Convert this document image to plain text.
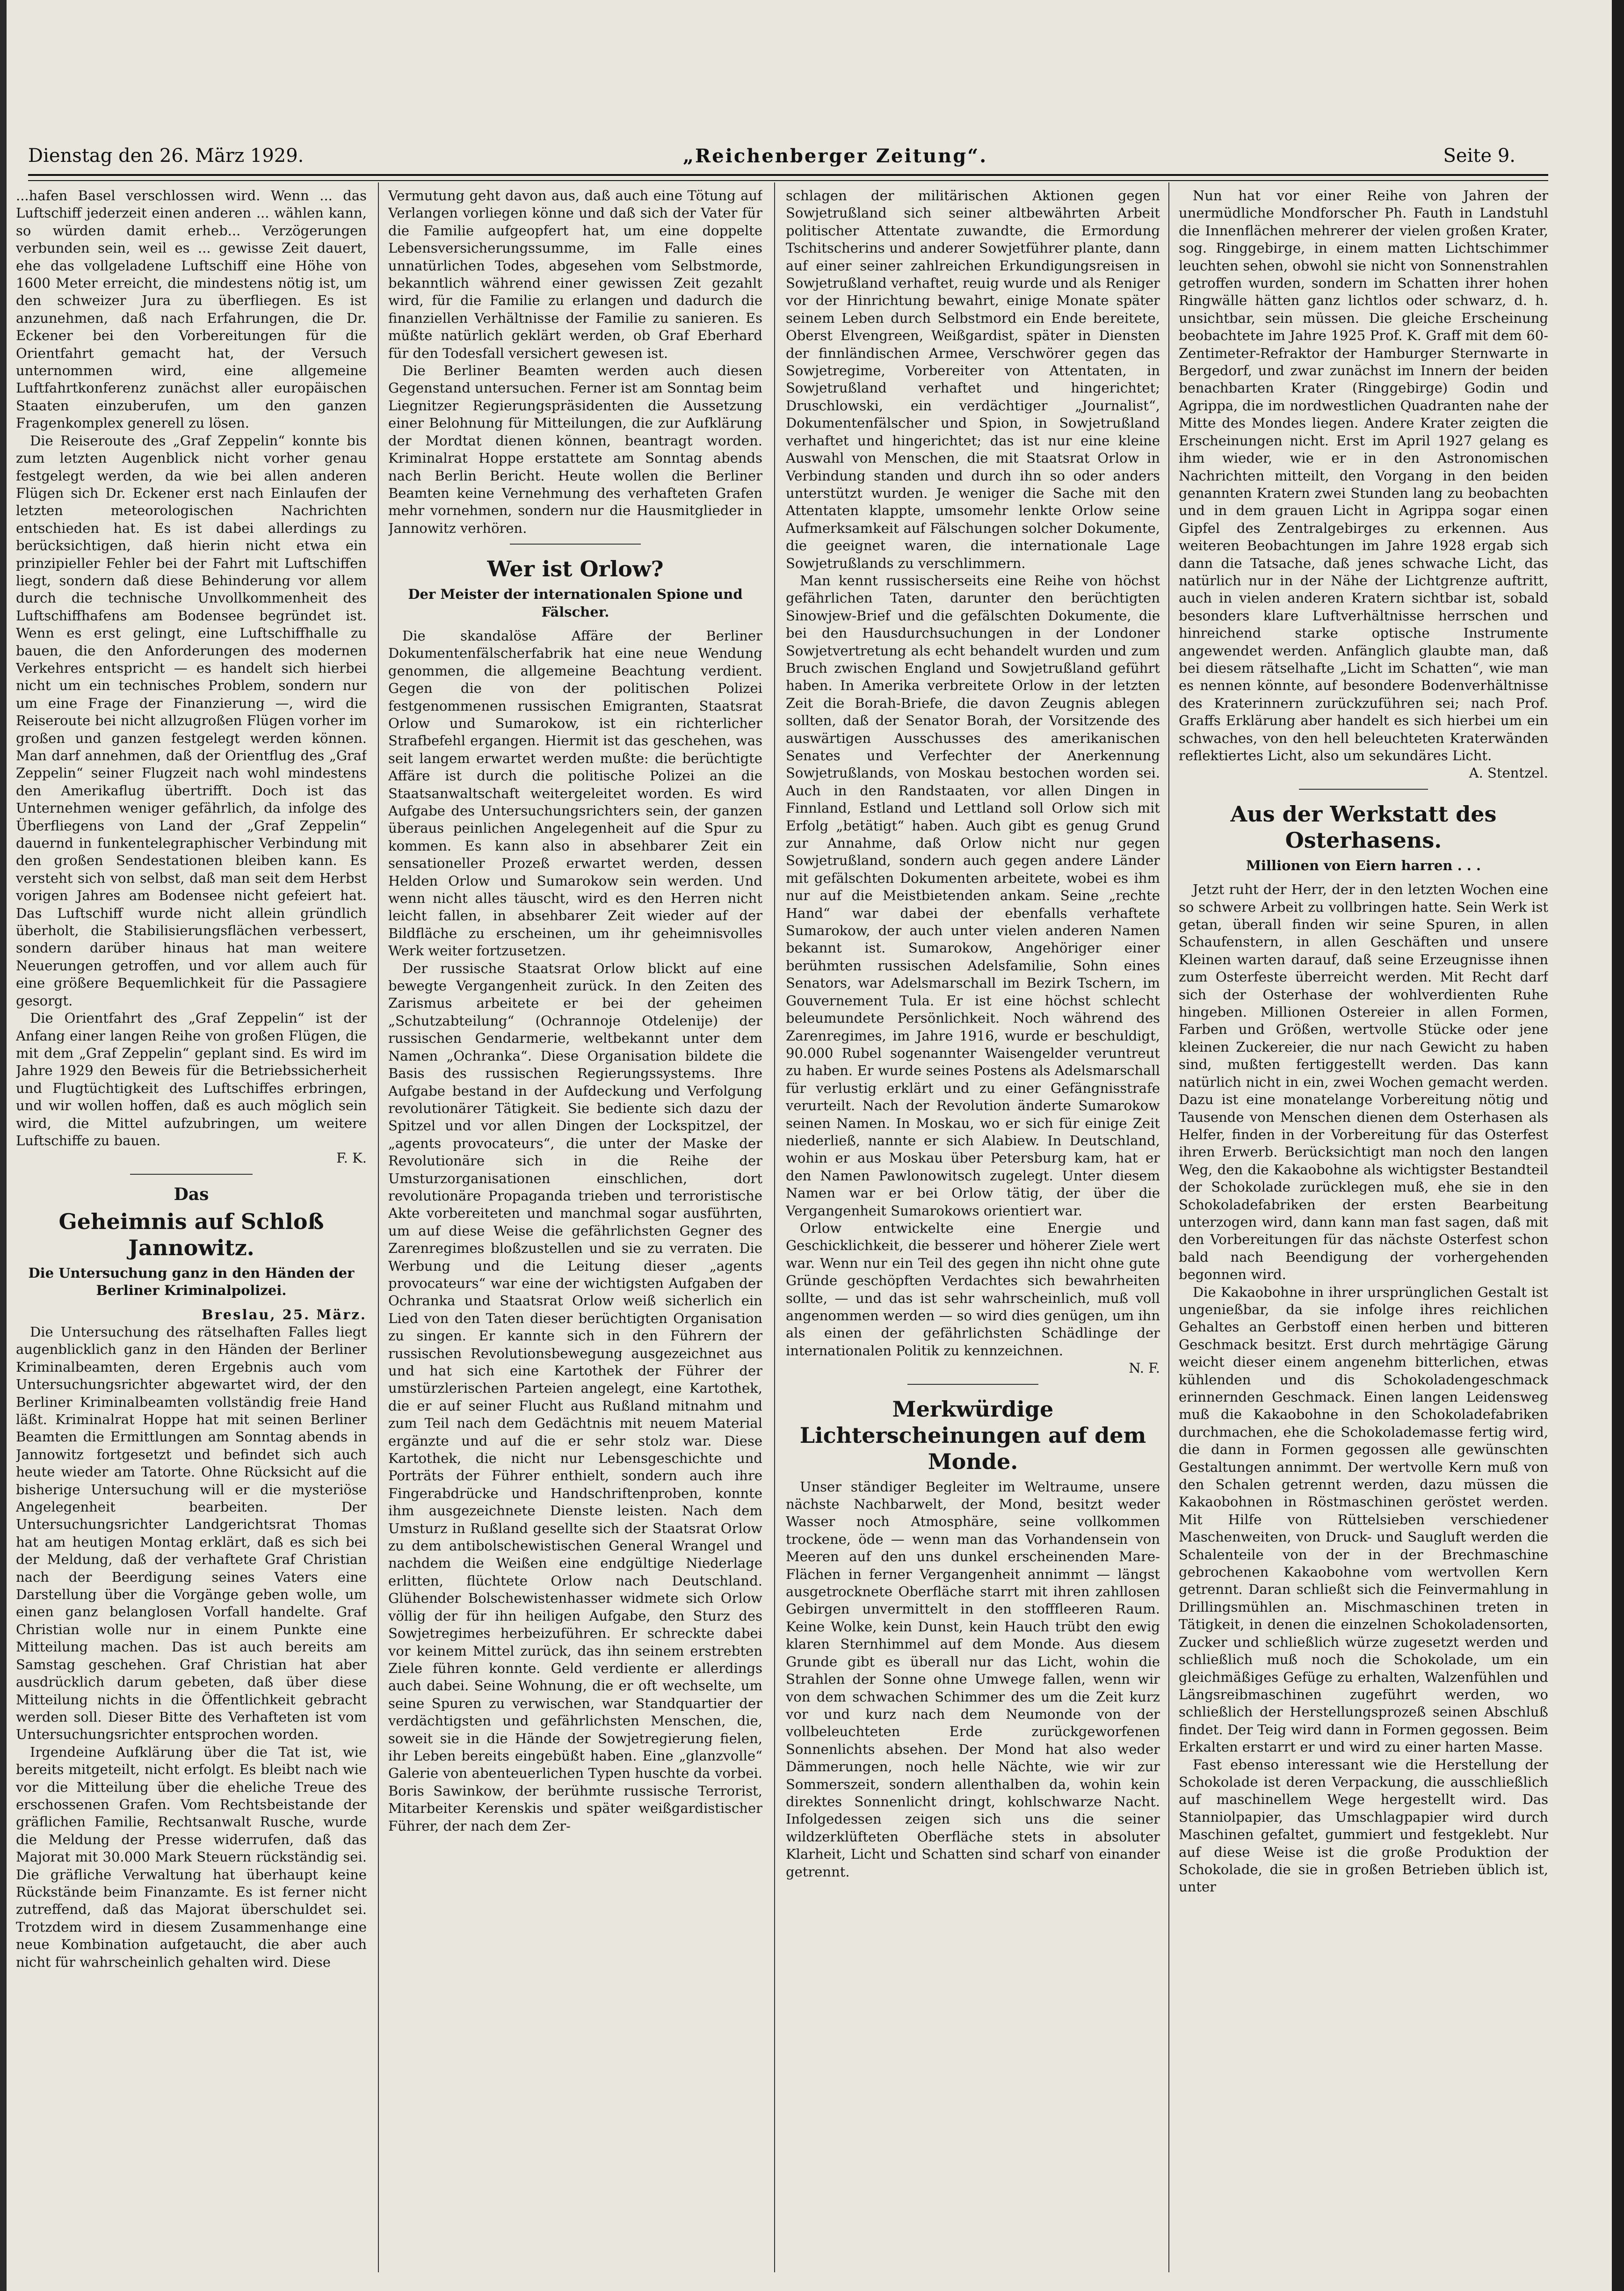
Dienstag den 26. März 1929.	„Reichenberger Zeitung“.	Seite 9.

...hafen Basel verschlossen wird. Wenn ... das Luftschiff jederzeit einen anderen ... wählen kann, so würden damit erheb... Verzögerungen verbunden sein, weil es ... gewisse Zeit dauert, ehe das vollgeladene Luftschiff eine Höhe von 1600 Meter erreicht, die mindestens nötig ist, um den schweizer Jura zu überfliegen. Es ist anzunehmen, daß nach Erfahrungen, die Dr. Eckener bei den Vorbereitungen für die Orientfahrt gemacht hat, der Versuch unternommen wird, eine allgemeine Luftfahrtkonferenz zunächst aller europäischen Staaten einzuberufen, um den ganzen Fragenkomplex generell zu lösen.

Die Reiseroute des „Graf Zeppelin“ konnte bis zum letzten Augenblick nicht vorher genau festgelegt werden, da wie bei allen anderen Flügen sich Dr. Eckener erst nach Einlaufen der letzten meteorologischen Nachrichten entschieden hat. Es ist dabei allerdings zu berücksichtigen, daß hierin nicht etwa ein prinzipieller Fehler bei der Fahrt mit Luftschiffen liegt, sondern daß diese Behinderung vor allem durch die technische Unvollkommenheit des Luftschiffhafens am Bodensee begründet ist. Wenn es erst gelingt, eine Luftschiffhalle zu bauen, die den Anforderungen des modernen Verkehres entspricht — es handelt sich hierbei nicht um ein technisches Problem, sondern nur um eine Frage der Finanzierung —, wird die Reiseroute bei nicht allzugroßen Flügen vorher im großen und ganzen festgelegt werden können. Man darf annehmen, daß der Orientflug des „Graf Zeppelin“ seiner Flugzeit nach wohl mindestens den Amerikaflug übertrifft. Doch ist das Unternehmen weniger gefährlich, da infolge des Überfliegens von Land der „Graf Zeppelin“ dauernd in funkentelegraphischer Verbindung mit den großen Sendestationen bleiben kann. Es versteht sich von selbst, daß man seit dem Herbst vorigen Jahres am Bodensee nicht gefeiert hat. Das Luftschiff wurde nicht allein gründlich überholt, die Stabilisierungsflächen verbessert, sondern darüber hinaus hat man weitere Neuerungen getroffen, und vor allem auch für eine größere Bequemlichkeit für die Passagiere gesorgt.

Die Orientfahrt des „Graf Zeppelin“ ist der Anfang einer langen Reihe von großen Flügen, die mit dem „Graf Zeppelin“ geplant sind. Es wird im Jahre 1929 den Beweis für die Betriebssicherheit und Flugtüchtigkeit des Luftschiffes erbringen, und wir wollen hoffen, daß es auch möglich sein wird, die Mittel aufzubringen, um weitere Luftschiffe zu bauen.

F. K.

Das

Geheimnis auf Schloß Jannowitz.

Die Untersuchung ganz in den Händen der Berliner Kriminalpolizei.

Breslau, 25. März.

Die Untersuchung des rätselhaften Falles liegt augenblicklich ganz in den Händen der Berliner Kriminalbeamten, deren Ergebnis auch vom Untersuchungsrichter abgewartet wird, der den Berliner Kriminalbeamten vollständig freie Hand läßt. Kriminalrat Hoppe hat mit seinen Berliner Beamten die Ermittlungen am Sonntag abends in Jannowitz fortgesetzt und befindet sich auch heute wieder am Tatorte. Ohne Rücksicht auf die bisherige Untersuchung will er die mysteriöse Angelegenheit bearbeiten. Der Untersuchungsrichter Landgerichtsrat Thomas hat am heutigen Montag erklärt, daß es sich bei der Meldung, daß der verhaftete Graf Christian nach der Beerdigung seines Vaters eine Darstellung über die Vorgänge geben wolle, um einen ganz belanglosen Vorfall handelte. Graf Christian wolle nur in einem Punkte eine Mitteilung machen. Das ist auch bereits am Samstag geschehen. Graf Christian hat aber ausdrücklich darum gebeten, daß über diese Mitteilung nichts in die Öffentlichkeit gebracht werden soll. Dieser Bitte des Verhafteten ist vom Untersuchungsrichter entsprochen worden.

Irgendeine Aufklärung über die Tat ist, wie bereits mitgeteilt, nicht erfolgt. Es bleibt nach wie vor die Mitteilung über die eheliche Treue des erschossenen Grafen. Vom Rechtsbeistande der gräflichen Familie, Rechtsanwalt Rusche, wurde die Meldung der Presse widerrufen, daß das Majorat mit 30.000 Mark Steuern rückständig sei. Die gräfliche Verwaltung hat überhaupt keine Rückstände beim Finanzamte. Es ist ferner nicht zutreffend, daß das Majorat überschuldet sei. Trotzdem wird in diesem Zusammenhange eine neue Kombination aufgetaucht, die aber auch nicht für wahrscheinlich gehalten wird. Diese

Vermutung geht davon aus, daß auch eine Tötung auf Verlangen vorliegen könne und daß sich der Vater für die Familie aufgeopfert hat, um eine doppelte Lebensversicherungssumme, im Falle eines unnatürlichen Todes, abgesehen vom Selbstmorde, bekanntlich während einer gewissen Zeit gezahlt wird, für die Familie zu erlangen und dadurch die finanziellen Verhältnisse der Familie zu sanieren. Es müßte natürlich geklärt werden, ob Graf Eberhard für den Todesfall versichert gewesen ist.

Die Berliner Beamten werden auch diesen Gegenstand untersuchen. Ferner ist am Sonntag beim Liegnitzer Regierungspräsidenten die Aussetzung einer Belohnung für Mitteilungen, die zur Aufklärung der Mordtat dienen können, beantragt worden. Kriminalrat Hoppe erstattete am Sonntag abends nach Berlin Bericht. Heute wollen die Berliner Beamten keine Vernehmung des verhafteten Grafen mehr vornehmen, sondern nur die Hausmitglieder in Jannowitz verhören.

Wer ist Orlow?

Der Meister der internationalen Spione und Fälscher.

Die skandalöse Affäre der Berliner Dokumentenfälscherfabrik hat eine neue Wendung genommen, die allgemeine Beachtung verdient. Gegen die von der politischen Polizei festgenommenen russischen Emigranten, Staatsrat Orlow und Sumarokow, ist ein richterlicher Strafbefehl ergangen. Hiermit ist das geschehen, was seit langem erwartet werden mußte: die berüchtigte Affäre ist durch die politische Polizei an die Staatsanwaltschaft weitergeleitet worden. Es wird Aufgabe des Untersuchungsrichters sein, der ganzen überaus peinlichen Angelegenheit auf die Spur zu kommen. Es kann also in absehbarer Zeit ein sensationeller Prozeß erwartet werden, dessen Helden Orlow und Sumarokow sein werden. Und wenn nicht alles täuscht, wird es den Herren nicht leicht fallen, in absehbarer Zeit wieder auf der Bildfläche zu erscheinen, um ihr geheimnisvolles Werk weiter fortzusetzen.

Der russische Staatsrat Orlow blickt auf eine bewegte Vergangenheit zurück. In den Zeiten des Zarismus arbeitete er bei der geheimen „Schutzabteilung“ (Ochrannoje Otdelenije) der russischen Gendarmerie, weltbekannt unter dem Namen „Ochranka“. Diese Organisation bildete die Basis des russischen Regierungssystems. Ihre Aufgabe bestand in der Aufdeckung und Verfolgung revolutionärer Tätigkeit. Sie bediente sich dazu der Spitzel und vor allen Dingen der Lockspitzel, der „agents provocateurs“, die unter der Maske der Revolutionäre sich in die Reihe der Umsturzorganisationen einschlichen, dort revolutionäre Propaganda trieben und terroristische Akte vorbereiteten und manchmal sogar ausführten, um auf diese Weise die gefährlichsten Gegner des Zarenregimes bloßzustellen und sie zu verraten. Die Werbung und die Leitung dieser „agents provocateurs“ war eine der wichtigsten Aufgaben der Ochranka und Staatsrat Orlow weiß sicherlich ein Lied von den Taten dieser berüchtigten Organisation zu singen. Er kannte sich in den Führern der russischen Revolutionsbewegung ausgezeichnet aus und hat sich eine Kartothek der Führer der umstürzlerischen Parteien angelegt, eine Kartothek, die er auf seiner Flucht aus Rußland mitnahm und zum Teil nach dem Gedächtnis mit neuem Material ergänzte und auf die er sehr stolz war. Diese Kartothek, die nicht nur Lebensgeschichte und Porträts der Führer enthielt, sondern auch ihre Fingerabdrücke und Handschriftenproben, konnte ihm ausgezeichnete Dienste leisten. Nach dem Umsturz in Rußland gesellte sich der Staatsrat Orlow zu dem antibolschewistischen General Wrangel und nachdem die Weißen eine endgültige Niederlage erlitten, flüchtete Orlow nach Deutschland. Glühender Bolschewistenhasser widmete sich Orlow völlig der für ihn heiligen Aufgabe, den Sturz des Sowjetregimes herbeizuführen. Er schreckte dabei vor keinem Mittel zurück, das ihn seinem erstrebten Ziele führen konnte. Geld verdiente er allerdings auch dabei. Seine Wohnung, die er oft wechselte, um seine Spuren zu verwischen, war Standquartier der verdächtigsten und gefährlichsten Menschen, die, soweit sie in die Hände der Sowjetregierung fielen, ihr Leben bereits eingebüßt haben. Eine „glanzvolle“ Galerie von abenteuerlichen Typen huschte da vorbei. Boris Sawinkow, der berühmte russische Terrorist, Mitarbeiter Kerenskis und später weißgardistischer Führer, der nach dem Zer-

schlagen der militärischen Aktionen gegen Sowjetrußland sich seiner altbewährten Arbeit politischer Attentate zuwandte, die Ermordung Tschitscherins und anderer Sowjetführer plante, dann auf einer seiner zahlreichen Erkundigungsreisen in Sowjetrußland verhaftet, reuig wurde und als Reniger vor der Hinrichtung bewahrt, einige Monate später seinem Leben durch Selbstmord ein Ende bereitete, Oberst Elvengreen, Weißgardist, später in Diensten der finnländischen Armee, Verschwörer gegen das Sowjetregime, Vorbereiter von Attentaten, in Sowjetrußland verhaftet und hingerichtet; Druschlowski, ein verdächtiger „Journalist“, Dokumentenfälscher und Spion, in Sowjetrußland verhaftet und hingerichtet; das ist nur eine kleine Auswahl von Menschen, die mit Staatsrat Orlow in Verbindung standen und durch ihn so oder anders unterstützt wurden. Je weniger die Sache mit den Attentaten klappte, umsomehr lenkte Orlow seine Aufmerksamkeit auf Fälschungen solcher Dokumente, die geeignet waren, die internationale Lage Sowjetrußlands zu verschlimmern.

Man kennt russischerseits eine Reihe von höchst gefährlichen Taten, darunter den berüchtigten Sinowjew-Brief und die gefälschten Dokumente, die bei den Hausdurchsuchungen in der Londoner Sowjetvertretung als echt behandelt wurden und zum Bruch zwischen England und Sowjetrußland geführt haben. In Amerika verbreitete Orlow in der letzten Zeit die Borah-Briefe, die davon Zeugnis ablegen sollten, daß der Senator Borah, der Vorsitzende des auswärtigen Ausschusses des amerikanischen Senates und Verfechter der Anerkennung Sowjetrußlands, von Moskau bestochen worden sei. Auch in den Randstaaten, vor allen Dingen in Finnland, Estland und Lettland soll Orlow sich mit Erfolg „betätigt“ haben. Auch gibt es genug Grund zur Annahme, daß Orlow nicht nur gegen Sowjetrußland, sondern auch gegen andere Länder mit gefälschten Dokumenten arbeitete, wobei es ihm nur auf die Meistbietenden ankam. Seine „rechte Hand“ war dabei der ebenfalls verhaftete Sumarokow, der auch unter vielen anderen Namen bekannt ist. Sumarokow, Angehöriger einer berühmten russischen Adelsfamilie, Sohn eines Senators, war Adelsmarschall im Bezirk Tschern, im Gouvernement Tula. Er ist eine höchst schlecht beleumundete Persönlichkeit. Noch während des Zarenregimes, im Jahre 1916, wurde er beschuldigt, 90.000 Rubel sogenannter Waisengelder veruntreut zu haben. Er wurde seines Postens als Adelsmarschall für verlustig erklärt und zu einer Gefängnisstrafe verurteilt. Nach der Revolution änderte Sumarokow seinen Namen. In Moskau, wo er sich für einige Zeit niederließ, nannte er sich Alabiew. In Deutschland, wohin er aus Moskau über Petersburg kam, hat er den Namen Pawlonowitsch zugelegt. Unter diesem Namen war er bei Orlow tätig, der über die Vergangenheit Sumarokows orientiert war.

Orlow entwickelte eine Energie und Geschicklichkeit, die besserer und höherer Ziele wert war. Wenn nur ein Teil des gegen ihn nicht ohne gute Gründe geschöpften Verdachtes sich bewahrheiten sollte, — und das ist sehr wahrscheinlich, muß voll angenommen werden — so wird dies genügen, um ihn als einen der gefährlichsten Schädlinge der internationalen Politik zu kennzeichnen.

N. F.

Merkwürdige Lichterscheinungen auf dem Monde.

Unser ständiger Begleiter im Weltraume, unsere nächste Nachbarwelt, der Mond, besitzt weder Wasser noch Atmosphäre, seine vollkommen trockene, öde — wenn man das Vorhandensein von Meeren auf den uns dunkel erscheinenden Mare-Flächen in ferner Vergangenheit annimmt — längst ausgetrocknete Oberfläche starrt mit ihren zahllosen Gebirgen unvermittelt in den stofffleeren Raum. Keine Wolke, kein Dunst, kein Hauch trübt den ewig klaren Sternhimmel auf dem Monde. Aus diesem Grunde gibt es überall nur das Licht, wohin die Strahlen der Sonne ohne Umwege fallen, wenn wir von dem schwachen Schimmer des um die Zeit kurz vor und kurz nach dem Neumonde von der vollbeleuchteten Erde zurückgeworfenen Sonnenlichts absehen. Der Mond hat also weder Dämmerungen, noch helle Nächte, wie wir zur Sommerszeit, sondern allenthalben da, wohin kein direktes Sonnenlicht dringt, kohlschwarze Nacht. Infolgedessen zeigen sich uns die seiner wildzerklüfteten Oberfläche stets in absoluter Klarheit, Licht und Schatten sind scharf von einander getrennt.

Nun hat vor einer Reihe von Jahren der unermüdliche Mondforscher Ph. Fauth in Landstuhl die Innenflächen mehrerer der vielen großen Krater, sog. Ringgebirge, in einem matten Lichtschimmer leuchten sehen, obwohl sie nicht von Sonnenstrahlen getroffen wurden, sondern im Schatten ihrer hohen Ringwälle hätten ganz lichtlos oder schwarz, d. h. unsichtbar, sein müssen. Die gleiche Erscheinung beobachtete im Jahre 1925 Prof. K. Graff mit dem 60-Zentimeter-Refraktor der Hamburger Sternwarte in Bergedorf, und zwar zunächst im Innern der beiden benachbarten Krater (Ringgebirge) Godin und Agrippa, die im nordwestlichen Quadranten nahe der Mitte des Mondes liegen. Andere Krater zeigten die Erscheinungen nicht. Erst im April 1927 gelang es ihm wieder, wie er in den Astronomischen Nachrichten mitteilt, den Vorgang in den beiden genannten Kratern zwei Stunden lang zu beobachten und in dem grauen Licht in Agrippa sogar einen Gipfel des Zentralgebirges zu erkennen. Aus weiteren Beobachtungen im Jahre 1928 ergab sich dann die Tatsache, daß jenes schwache Licht, das natürlich nur in der Nähe der Lichtgrenze auftritt, auch in vielen anderen Kratern sichtbar ist, sobald besonders klare Luftverhältnisse herrschen und hinreichend starke optische Instrumente angewendet werden. Anfänglich glaubte man, daß bei diesem rätselhafte „Licht im Schatten“, wie man es nennen könnte, auf besondere Bodenverhältnisse des Kraterinnern zurückzuführen sei; nach Prof. Graffs Erklärung aber handelt es sich hierbei um ein schwaches, von den hell beleuchteten Kraterwänden reflektiertes Licht, also um sekundäres Licht.

A. Stentzel.

Aus der Werkstatt des Osterhasens.

Millionen von Eiern harren . . .

Jetzt ruht der Herr, der in den letzten Wochen eine so schwere Arbeit zu vollbringen hatte. Sein Werk ist getan, überall finden wir seine Spuren, in allen Schaufenstern, in allen Geschäften und unsere Kleinen warten darauf, daß seine Erzeugnisse ihnen zum Osterfeste überreicht werden. Mit Recht darf sich der Osterhase der wohlverdienten Ruhe hingeben. Millionen Ostereier in allen Formen, Farben und Größen, wertvolle Stücke oder jene kleinen Zuckereier, die nur nach Gewicht zu haben sind, mußten fertiggestellt werden. Das kann natürlich nicht in ein, zwei Wochen gemacht werden. Dazu ist eine monatelange Vorbereitung nötig und Tausende von Menschen dienen dem Osterhasen als Helfer, finden in der Vorbereitung für das Osterfest ihren Erwerb. Berücksichtigt man noch den langen Weg, den die Kakaobohne als wichtigster Bestandteil der Schokolade zurücklegen muß, ehe sie in den Schokoladefabriken der ersten Bearbeitung unterzogen wird, dann kann man fast sagen, daß mit den Vorbereitungen für das nächste Osterfest schon bald nach Beendigung der vorhergehenden begonnen wird.

Die Kakaobohne in ihrer ursprünglichen Gestalt ist ungenießbar, da sie infolge ihres reichlichen Gehaltes an Gerbstoff einen herben und bitteren Geschmack besitzt. Erst durch mehrtägige Gärung weicht dieser einem angenehm bitterlichen, etwas kühlenden und dis Schokoladengeschmack erinnernden Geschmack. Einen langen Leidensweg muß die Kakaobohne in den Schokoladefabriken durchmachen, ehe die Schokolademasse fertig wird, die dann in Formen gegossen alle gewünschten Gestaltungen annimmt. Der wertvolle Kern muß von den Schalen getrennt werden, dazu müssen die Kakaobohnen in Röstmaschinen geröstet werden. Mit Hilfe von Rüttelsieben verschiedener Maschenweiten, von Druck- und Saugluft werden die Schalenteile von der in der Brechmaschine gebrochenen Kakaobohne vom wertvollen Kern getrennt. Daran schließt sich die Feinvermahlung in Drillingsmühlen an. Mischmaschinen treten in Tätigkeit, in denen die einzelnen Schokoladensorten, Zucker und schließlich würze zugesetzt werden und schließlich muß noch die Schokolade, um ein gleichmäßiges Gefüge zu erhalten, Walzenfühlen und Längsreibmaschinen zugeführt werden, wo schließlich der Herstellungsprozeß seinen Abschluß findet. Der Teig wird dann in Formen gegossen. Beim Erkalten erstarrt er und wird zu einer harten Masse.

Fast ebenso interessant wie die Herstellung der Schokolade ist deren Verpackung, die ausschließlich auf maschinellem Wege hergestellt wird. Das Stanniolpapier, das Umschlagpapier wird durch Maschinen gefaltet, gummiert und festgeklebt. Nur auf diese Weise ist die große Produktion der Schokolade, die sie in großen Betrieben üblich ist, unter
